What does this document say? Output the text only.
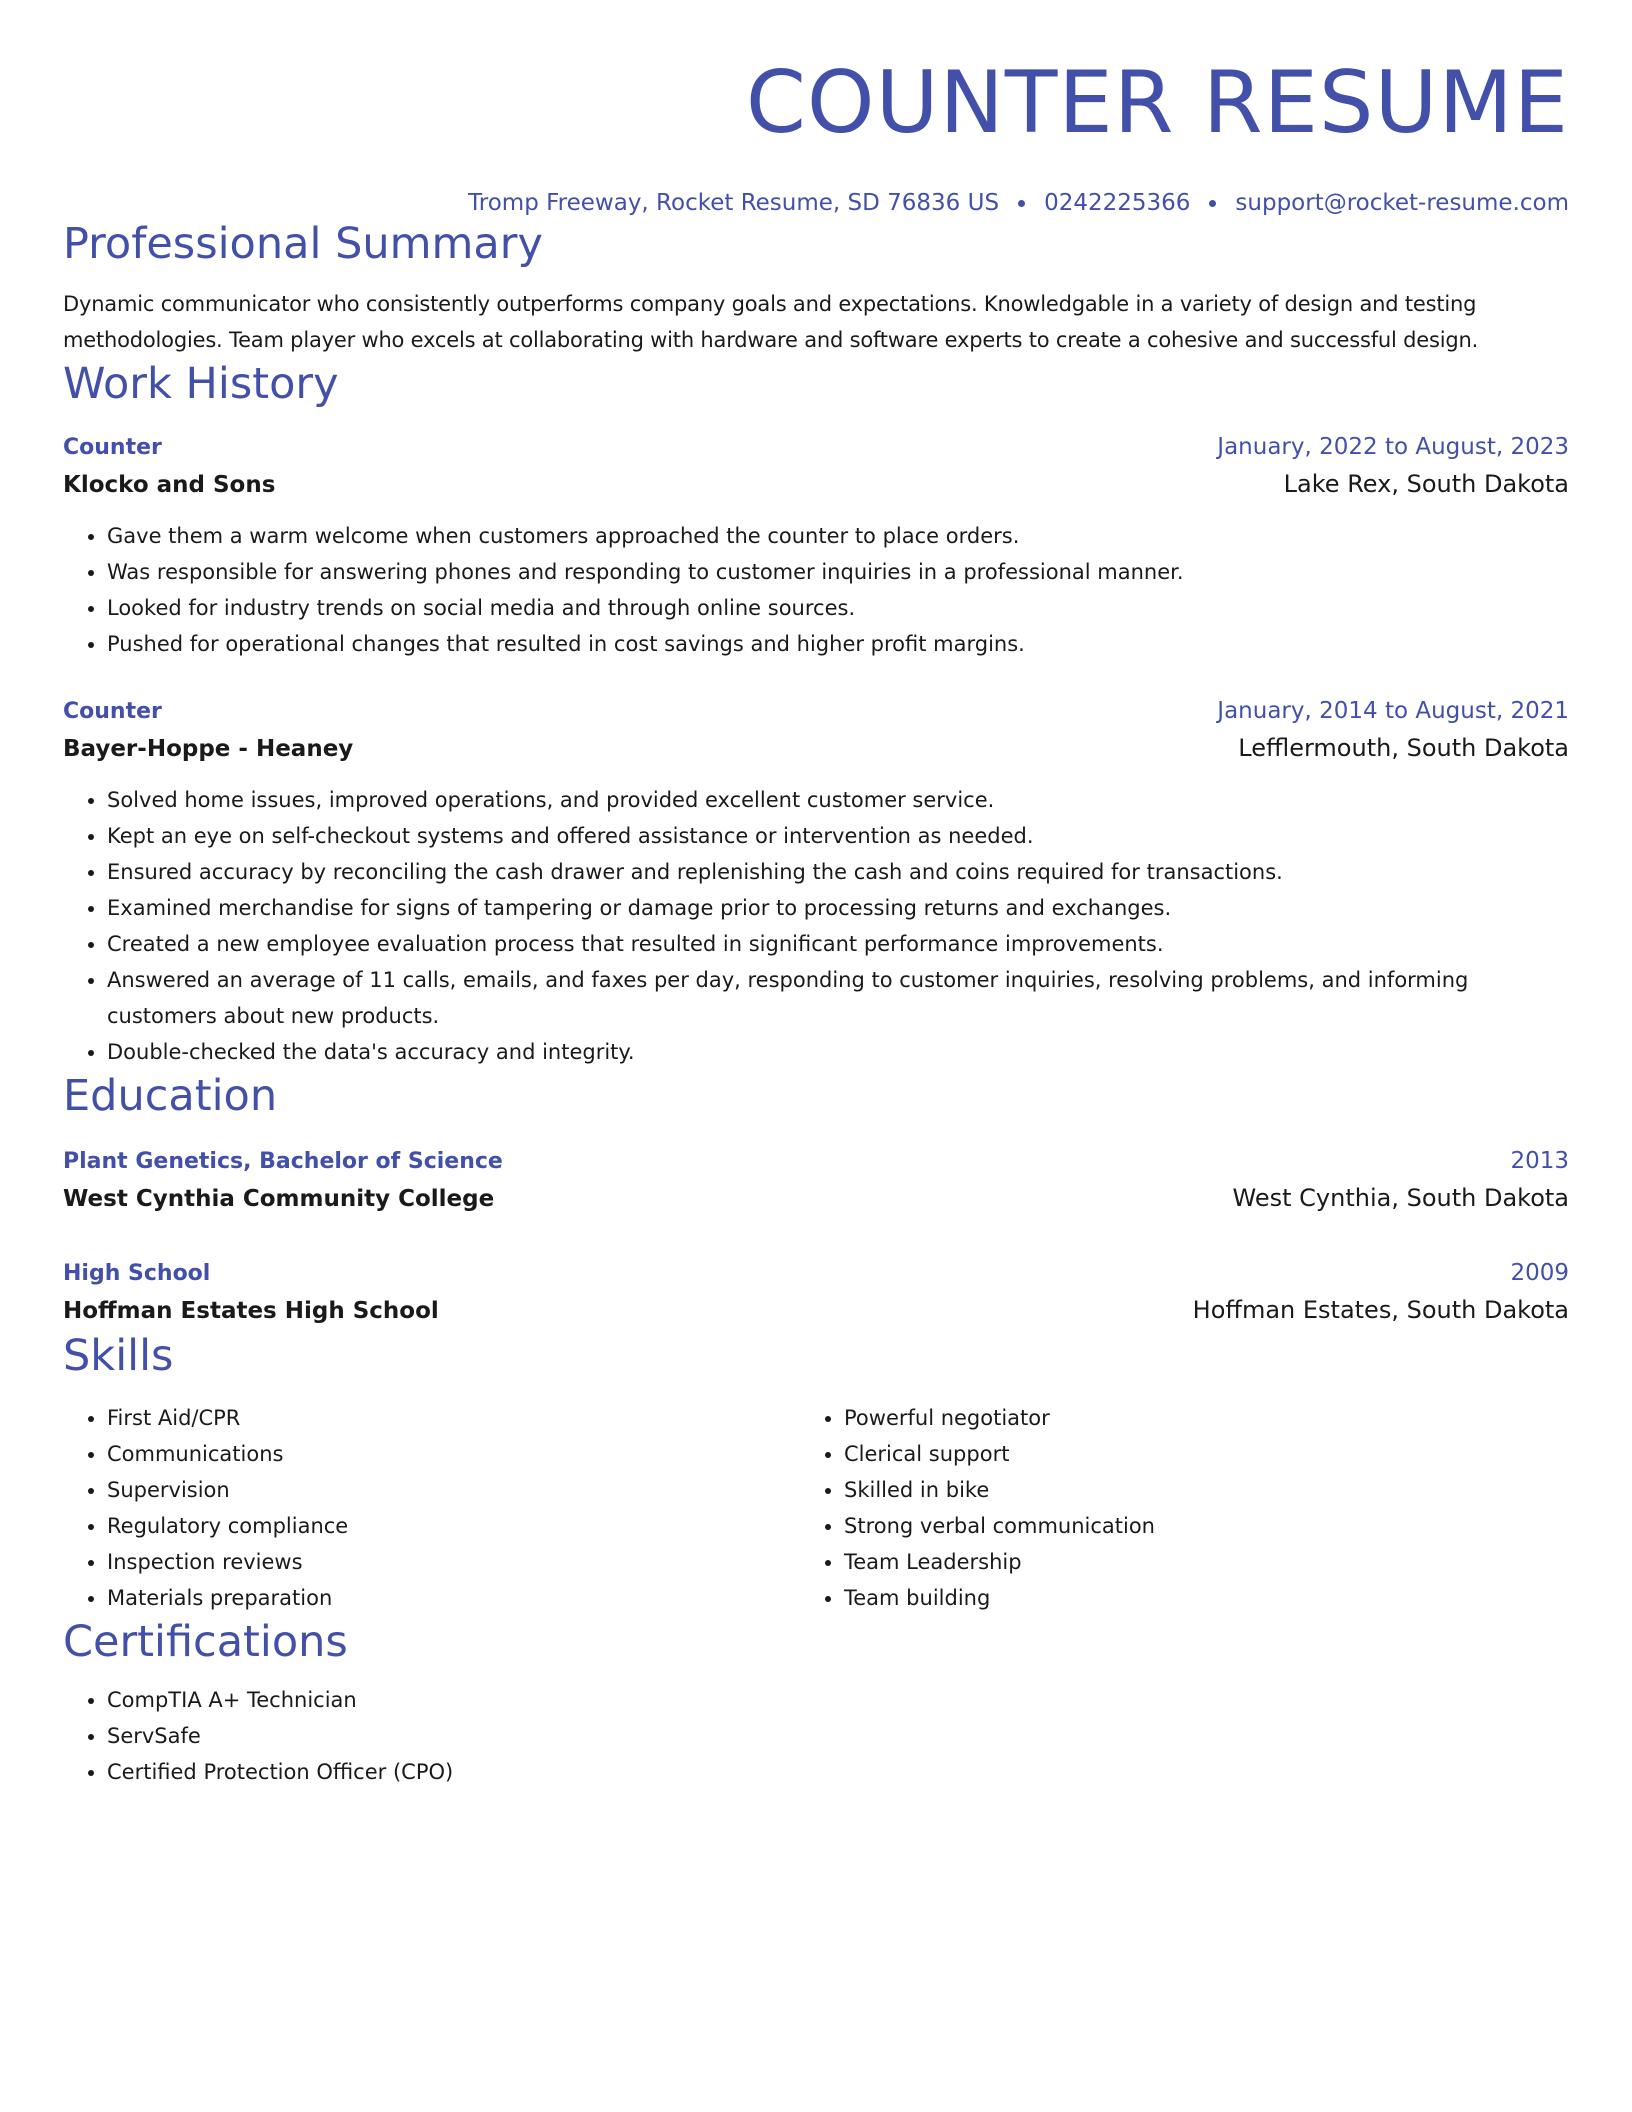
COUNTER RESUME
Tromp Freeway, Rocket Resume, SD 76836 US 0242225366 support@rocket-resume.com
Professional Summary
Dynamic communicator who consistently outperforms company goals and expectations. Knowledgable in a variety of design and testing methodologies. Team player who excels at collaborating with hardware and software experts to create a cohesive and successful design.
Work History
Counter	January, 2022 to August, 2023
Klocko and Sons	Lake Rex, South Dakota
• Gave them a warm welcome when customers approached the counter to place orders.
• Was responsible for answering phones and responding to customer inquiries in a professional manner.
• Looked for industry trends on social media and through online sources.
• Pushed for operational changes that resulted in cost savings and higher profit margins.
Counter	January, 2014 to August, 2021
Bayer-Hoppe - Heaney	Lefflermouth, South Dakota
• Solved home issues, improved operations, and provided excellent customer service.
• Kept an eye on self-checkout systems and offered assistance or intervention as needed.
• Ensured accuracy by reconciling the cash drawer and replenishing the cash and coins required for transactions.
• Examined merchandise for signs of tampering or damage prior to processing returns and exchanges.
• Created a new employee evaluation process that resulted in significant performance improvements.
• Answered an average of 11 calls, emails, and faxes per day, responding to customer inquiries, resolving problems, and informing customers about new products.
• Double-checked the data's accuracy and integrity.
Education
Plant Genetics, Bachelor of Science	2013
West Cynthia Community College	West Cynthia, South Dakota
High School	2009
Hoffman Estates High School	Hoffman Estates, South Dakota
Skills
• First Aid/CPR
• Communications
• Supervision
• Regulatory compliance
• Inspection reviews
• Materials preparation
• Powerful negotiator
• Clerical support
• Skilled in bike
• Strong verbal communication
• Team Leadership
• Team building
Certifications
• CompTIA A+ Technician
• ServSafe
• Certified Protection Officer (CPO)
